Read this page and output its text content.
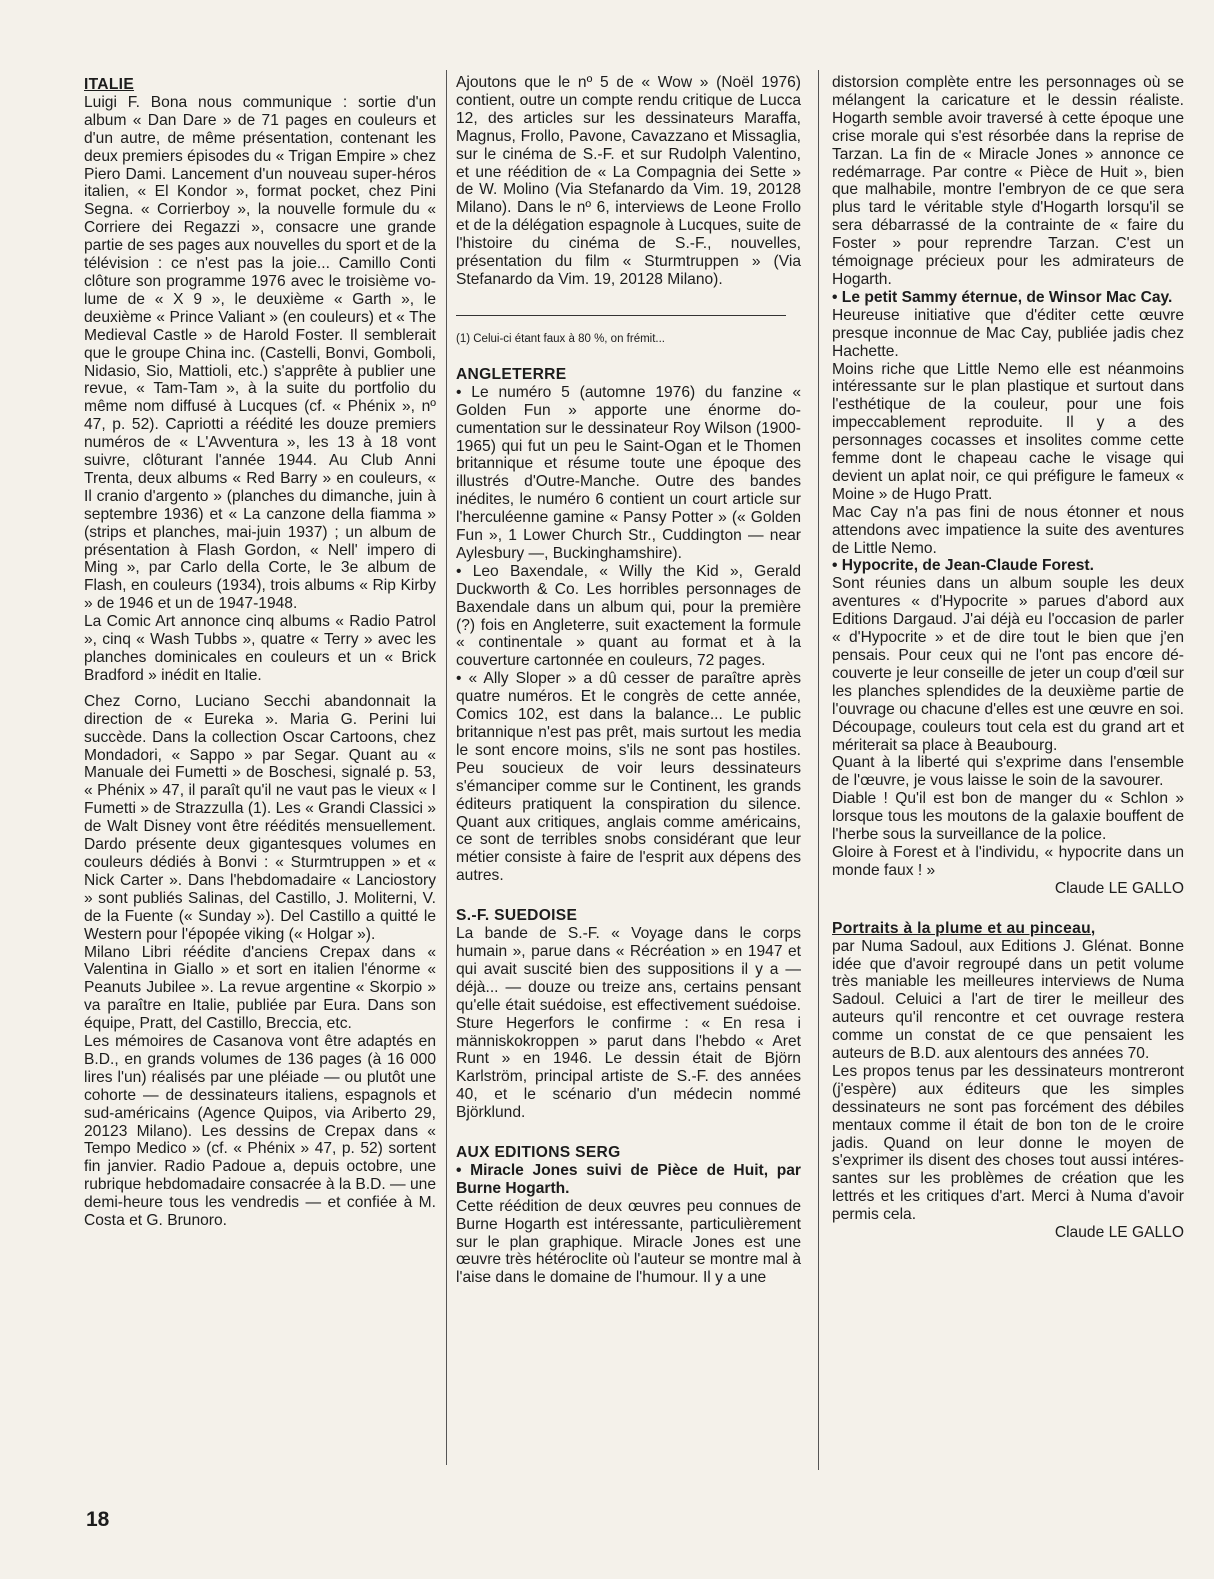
ITALIE

Luigi F. Bona nous communique : sortie d'un album « Dan Dare » de 71 pages en couleurs et d'un autre, de même présentation, contenant les deux premiers épisodes du « Trigan Empire » chez Piero Dami. Lancement d'un nouveau super-héros italien, « El Kondor », format pocket, chez Pini Segna. « Corrierboy », la nouvelle formule du « Corriere dei Regazzi », consacre une grande partie de ses pages aux nouvelles du sport et de la télévision : ce n'est pas la joie... Camillo Conti clôture son programme 1976 avec le troisième volume de « X 9 », le deuxième « Garth », le deuxième « Prince Valiant » (en couleurs) et « The Medieval Castle » de Harold Foster. Il semblerait que le groupe China inc. (Castelli, Bonvi, Gomboli, Nidasio, Sio, Mattioli, etc.) s'apprête à publier une revue, « Tam-Tam », à la suite du portfolio du même nom diffusé à Lucques (cf. « Phénix », nº 47, p. 52). Capriotti a réédité les douze premiers numéros de « L'Avventura », les 13 à 18 vont suivre, clôturant l'année 1944. Au Club Anni Trenta, deux albums « Red Barry » en couleurs, « Il cranio d'argento » (planches du dimanche, juin à septembre 1936) et « La canzone della fiamma » (strips et planches, mai-juin 1937) ; un album de présentation à Flash Gordon, « Nell' impero di Ming », par Carlo della Corte, le 3e album de Flash, en couleurs (1934), trois albums « Rip Kirby » de 1946 et un de 1947-1948.

La Comic Art annonce cinq albums « Radio Patrol », cinq « Wash Tubbs », quatre « Terry » avec les planches dominicales en couleurs et un « Brick Bradford » inédit en Italie.

Chez Corno, Luciano Secchi abandonnait la direction de « Eureka ». Maria G. Perini lui succède. Dans la collection Oscar Cartoons, chez Mondadori, « Sappo » par Segar. Quant au « Manuale dei Fumetti » de Boschesi, signalé p. 53, « Phénix » 47, il paraît qu'il ne vaut pas le vieux « I Fumetti » de Strazzulla (1). Les « Grandi Classici » de Walt Disney vont être réédités mensuellement. Dardo présente deux gigantesques volumes en couleurs dédiés à Bonvi : « Sturmtruppen » et « Nick Carter ». Dans l'hebdomadaire « Lanciostory » sont publiés Salinas, del Castillo, J. Moliterni, V. de la Fuente (« Sunday »). Del Castillo a quitté le Western pour l'épopée viking (« Holgar »).

Milano Libri réédite d'anciens Crepax dans « Valentina in Giallo » et sort en italien l'énorme « Peanuts Jubilee ». La revue argentine « Skorpio » va paraître en Italie, publiée par Eura. Dans son équipe, Pratt, del Castillo, Breccia, etc.

Les mémoires de Casanova vont être adaptés en B.D., en grands volumes de 136 pages (à 16 000 lires l'un) réalisés par une pléiade — ou plutôt une cohorte — de dessinateurs italiens, espagnols et sud-américains (Agence Quipos, via Ariberto 29, 20123 Milano). Les dessins de Crepax dans « Tempo Medico » (cf. « Phénix » 47, p. 52) sortent fin janvier. Radio Padoue a, depuis octobre, une rubrique hebdomadaire consacrée à la B.D. — une demi-heure tous les vendredis — et confiée à M. Costa et G. Brunoro.

Ajoutons que le nº 5 de « Wow » (Noël 1976) contient, outre un compte rendu critique de Lucca 12, des articles sur les dessinateurs Maraffa, Magnus, Frollo, Pavone, Cavazzano et Missaglia, sur le cinéma de S.-F. et sur Rudolph Valentino, et une réédition de « La Compagnia dei Sette » de W. Molino (Via Stefanardo da Vim. 19, 20128 Milano). Dans le nº 6, interviews de Leone Frollo et de la délégation espagnole à Lucques, suite de l'histoire du cinéma de S.-F., nouvelles, présentation du film « Sturmtruppen » (Via Stefanardo da Vim. 19, 20128 Milano).

(1) Celui-ci étant faux à 80 %, on frémit...

ANGLETERRE

• Le numéro 5 (automne 1976) du fanzine « Golden Fun » apporte une énorme documentation sur le dessinateur Roy Wilson (1900-1965) qui fut un peu le Saint-Ogan et le Thomen britannique et résume toute une époque des illustrés d'Outre-Manche. Outre des bandes inédites, le numéro 6 contient un court article sur l'herculéenne gamine « Pansy Potter » (« Golden Fun », 1 Lower Church Str., Cuddington — near Aylesbury —, Buckinghamshire).

• Leo Baxendale, « Willy the Kid », Gerald Duckworth & Co. Les horribles personnages de Baxendale dans un album qui, pour la première (?) fois en Angleterre, suit exactement la formule « continentale » quant au format et à la couverture cartonnée en couleurs, 72 pages.

• « Ally Sloper » a dû cesser de paraître après quatre numéros. Et le congrès de cette année, Comics 102, est dans la balance... Le public britannique n'est pas prêt, mais surtout les media le sont encore moins, s'ils ne sont pas hostiles. Peu soucieux de voir leurs dessinateurs s'émanciper comme sur le Continent, les grands éditeurs pratiquent la conspiration du silence. Quant aux critiques, anglais comme américains, ce sont de terribles snobs considérant que leur métier consiste à faire de l'esprit aux dépens des autres.

S.-F. SUEDOISE

La bande de S.-F. « Voyage dans le corps humain », parue dans « Récréation » en 1947 et qui avait suscité bien des suppositions il y a — déjà... — douze ou treize ans, certains pensant qu'elle était suédoise, est effectivement suédoise. Sture Hegerfors le confirme : « En resa i människokroppen » parut dans l'hebdo « Aret Runt » en 1946. Le dessin était de Björn Karlström, principal artiste de S.-F. des années 40, et le scénario d'un médecin nommé Björklund.

AUX EDITIONS SERG

• Miracle Jones suivi de Pièce de Huit, par Burne Hogarth.

Cette réédition de deux œuvres peu connues de Burne Hogarth est intéressante, particulièrement sur le plan graphique. Miracle Jones est une œuvre très hétéroclite où l'auteur se montre mal à l'aise dans le domaine de l'humour. Il y a une

distorsion complète entre les personnages où se mélangent la caricature et le dessin réaliste. Hogarth semble avoir traversé à cette époque une crise morale qui s'est résorbée dans la reprise de Tarzan. La fin de « Miracle Jones » annonce ce redémarrage. Par contre « Pièce de Huit », bien que malhabile, montre l'embryon de ce que sera plus tard le véritable style d'Hogarth lorsqu'il se sera débarrassé de la contrainte de « faire du Foster » pour reprendre Tarzan. C'est un témoignage précieux pour les admirateurs de Hogarth.

• Le petit Sammy éternue, de Winsor Mac Cay.

Heureuse initiative que d'éditer cette œuvre presque inconnue de Mac Cay, publiée jadis chez Hachette.

Moins riche que Little Nemo elle est néanmoins intéressante sur le plan plastique et surtout dans l'esthétique de la couleur, pour une fois impeccablement reproduite. Il y a des personnages cocasses et insolites comme cette femme dont le chapeau cache le visage qui devient un aplat noir, ce qui préfigure le fameux « Moine » de Hugo Pratt.

Mac Cay n'a pas fini de nous étonner et nous attendons avec impatience la suite des aventures de Little Nemo.

• Hypocrite, de Jean-Claude Forest.

Sont réunies dans un album souple les deux aventures « d'Hypocrite » parues d'abord aux Editions Dargaud. J'ai déjà eu l'occasion de parler « d'Hypocrite » et de dire tout le bien que j'en pensais. Pour ceux qui ne l'ont pas encore découverte je leur conseille de jeter un coup d'œil sur les planches splendides de la deuxième partie de l'ouvrage ou chacune d'elles est une œuvre en soi. Découpage, couleurs tout cela est du grand art et mériterait sa place à Beaubourg.

Quant à la liberté qui s'exprime dans l'ensemble de l'œuvre, je vous laisse le soin de la savourer.

Diable ! Qu'il est bon de manger du « Schlon » lorsque tous les moutons de la galaxie bouffent de l'herbe sous la surveillance de la police.

Gloire à Forest et à l'individu, « hypocrite dans un monde faux ! »

Claude LE GALLO

Portraits à la plume et au pinceau,

par Numa Sadoul, aux Editions J. Glénat. Bonne idée que d'avoir regroupé dans un petit volume très maniable les meilleures interviews de Numa Sadoul. Celuici a l'art de tirer le meilleur des auteurs qu'il rencontre et cet ouvrage restera comme un constat de ce que pensaient les auteurs de B.D. aux alentours des années 70.

Les propos tenus par les dessinateurs montreront (j'espère) aux éditeurs que les simples dessinateurs ne sont pas forcément des débiles mentaux comme il était de bon ton de le croire jadis. Quand on leur donne le moyen de s'exprimer ils disent des choses tout aussi intéressantes sur les problèmes de création que les lettrés et les critiques d'art. Merci à Numa d'avoir permis cela.

Claude LE GALLO

18
